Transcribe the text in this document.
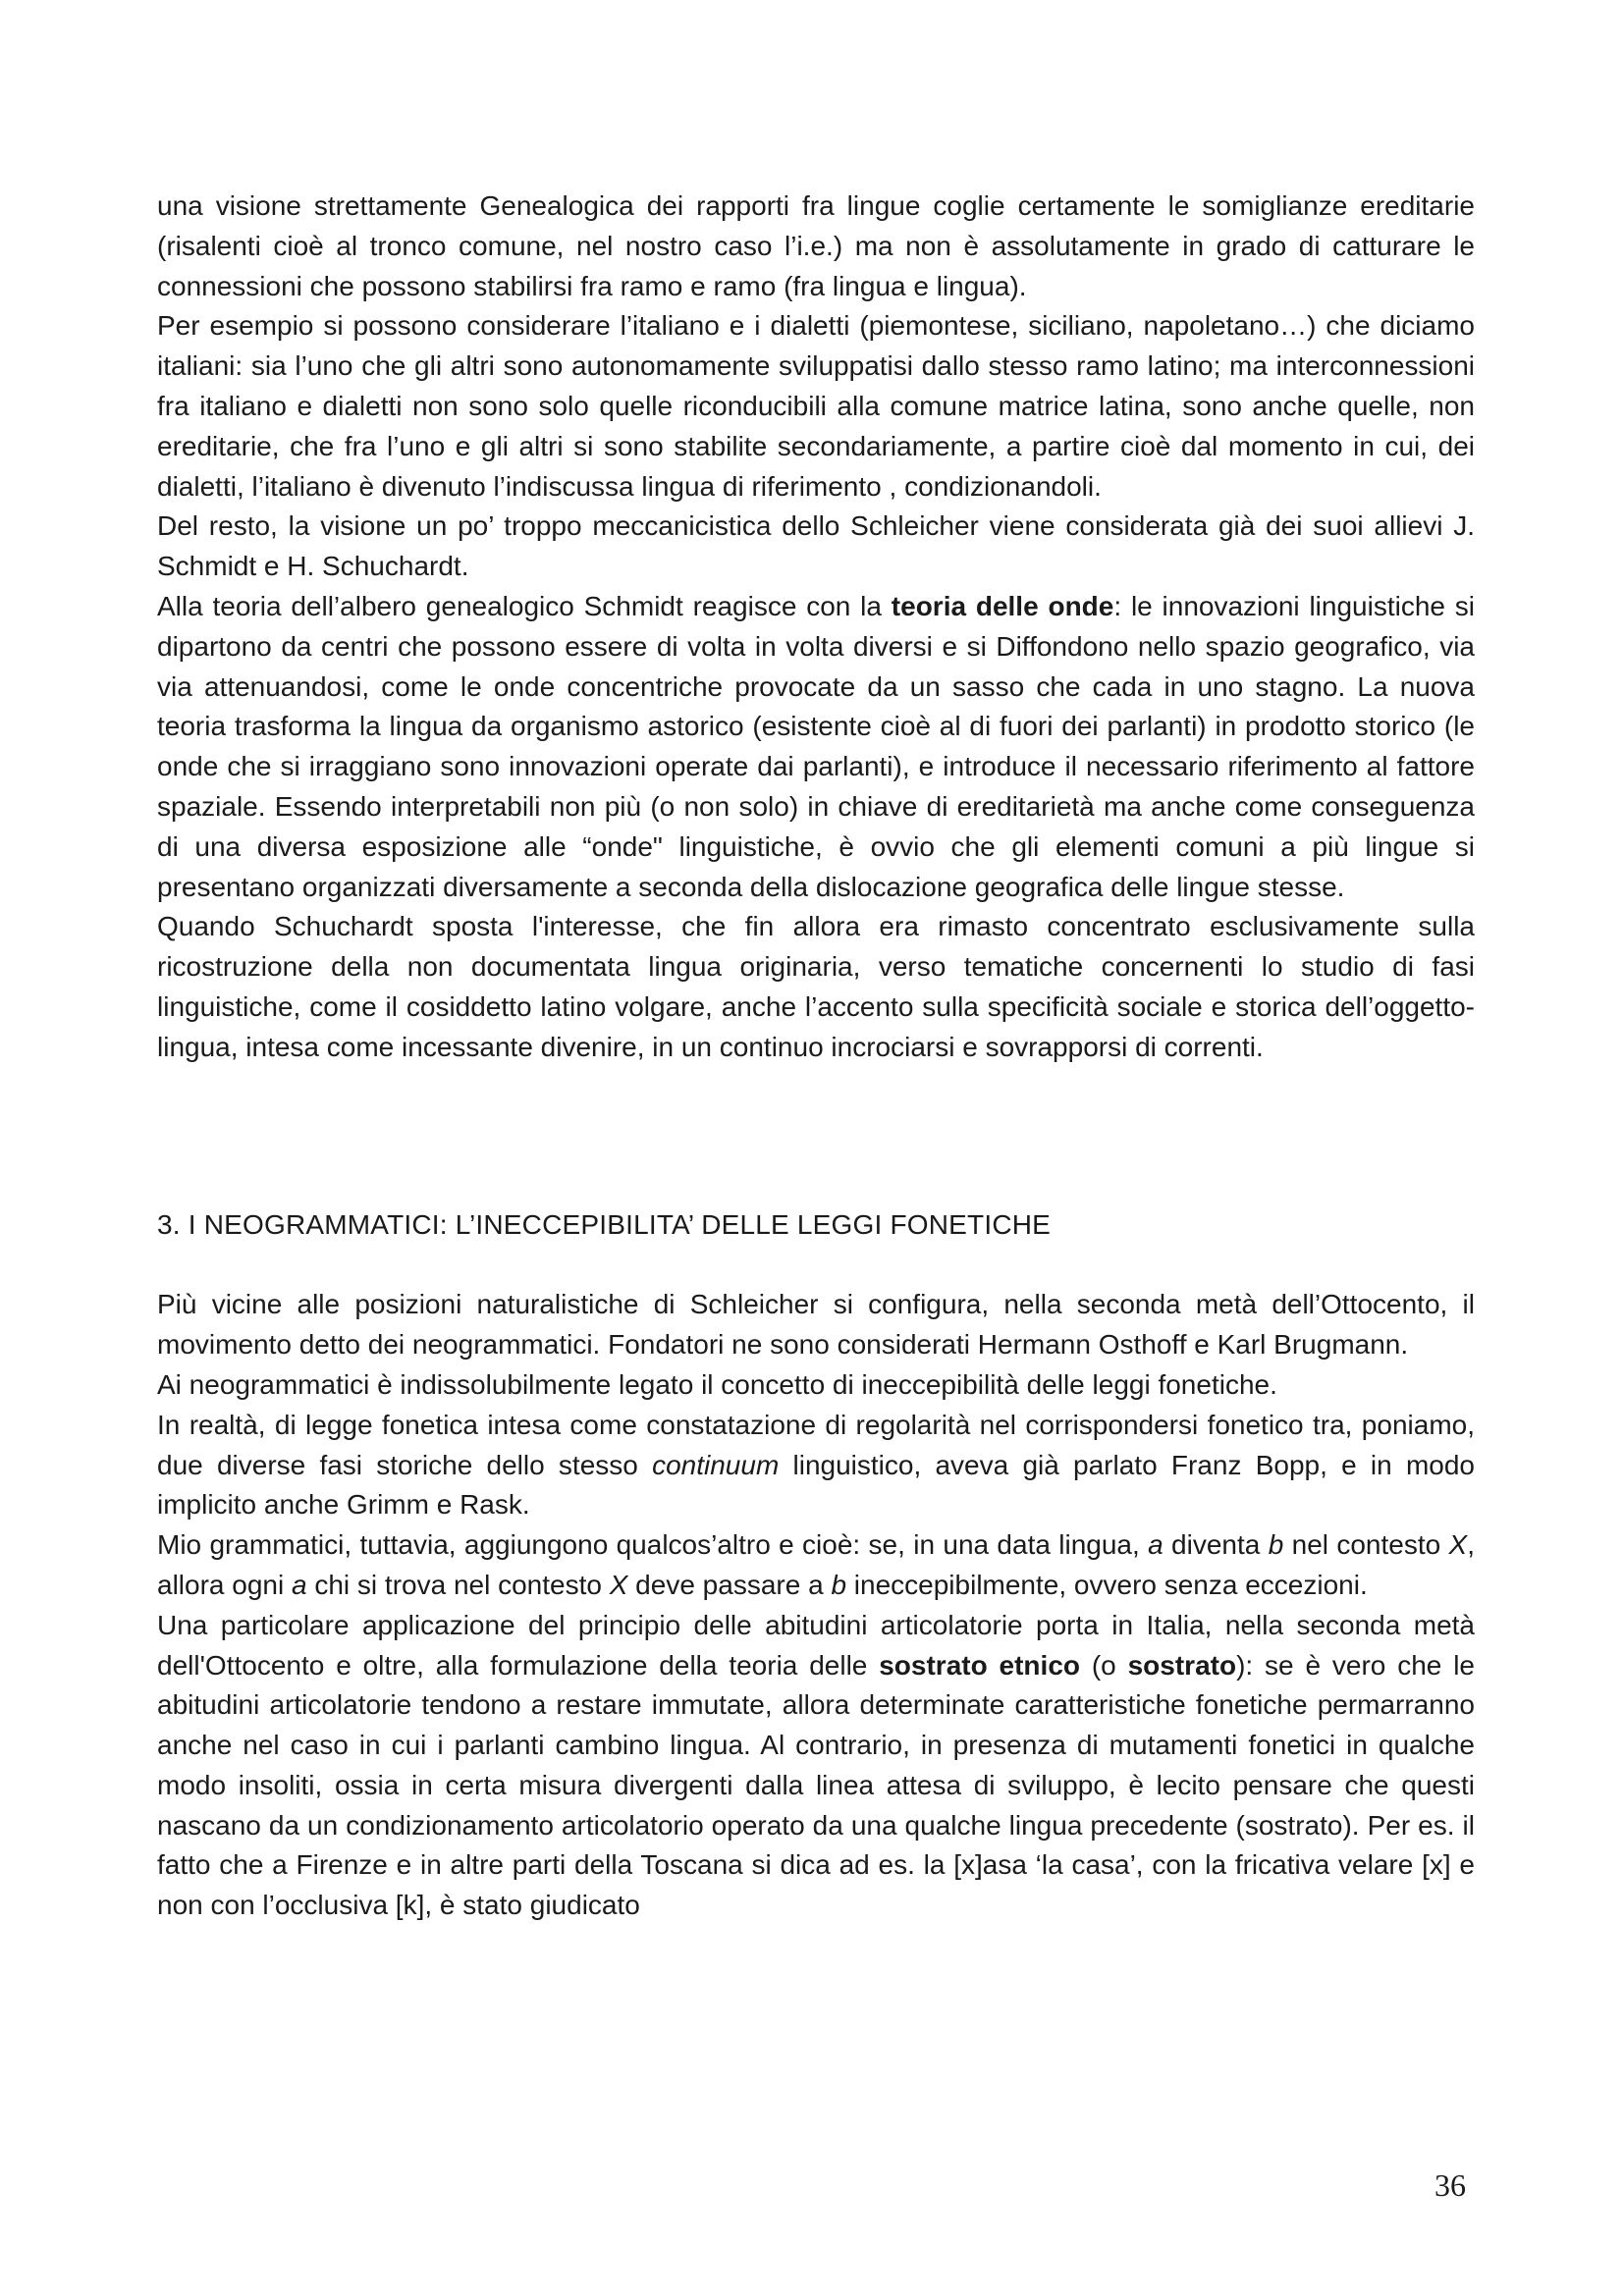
una visione strettamente Genealogica dei rapporti fra lingue coglie certamente le somiglianze ereditarie (risalenti cioè al tronco comune, nel nostro caso l’i.e.) ma non è assolutamente in grado di catturare le connessioni che possono stabilirsi fra ramo e ramo (fra lingua e lingua).

Per esempio si possono considerare l’italiano e i dialetti (piemontese, siciliano, napoletano…) che diciamo italiani: sia l’uno che gli altri sono autonomamente sviluppatisi dallo stesso ramo latino; ma interconnessioni fra italiano e dialetti non sono solo quelle riconducibili alla comune matrice latina, sono anche quelle, non ereditarie, che fra l’uno e gli altri si sono stabilite secondariamente, a partire cioè dal momento in cui, dei dialetti, l’italiano è divenuto l’indiscussa lingua di riferimento , condizionandoli.

Del resto, la visione un po’ troppo meccanicistica dello Schleicher viene considerata già dei suoi allievi J. Schmidt e H. Schuchardt.

Alla teoria dell’albero genealogico Schmidt reagisce con la teoria delle onde: le innovazioni linguistiche si dipartono da centri che possono essere di volta in volta diversi e si Diffondono nello spazio geografico, via via attenuandosi, come le onde concentriche provocate da un sasso che cada in uno stagno. La nuova teoria trasforma la lingua da organismo astorico (esistente cioè al di fuori dei parlanti) in prodotto storico (le onde che si irraggiano sono innovazioni operate dai parlanti), e introduce il necessario riferimento al fattore spaziale. Essendo interpretabili non più (o non solo) in chiave di ereditarietà ma anche come conseguenza di una diversa esposizione alle “onde" linguistiche, è ovvio che gli elementi comuni a più lingue si presentano organizzati diversamente a seconda della dislocazione geografica delle lingue stesse.

Quando Schuchardt sposta l'interesse, che fin allora era rimasto concentrato esclusivamente sulla ricostruzione della non documentata lingua originaria, verso tematiche concernenti lo studio di fasi linguistiche, come il cosiddetto latino volgare, anche l’accento sulla specificità sociale e storica dell’oggetto-lingua, intesa come incessante divenire, in un continuo incrociarsi e sovrapporsi di correnti.

3. I NEOGRAMMATICI: L’INECCEPIBILITA’ DELLE LEGGI FONETICHE

Più vicine alle posizioni naturalistiche di Schleicher si configura, nella seconda metà dell’Ottocento, il movimento detto dei neogrammatici. Fondatori ne sono considerati Hermann Osthoff e Karl Brugmann.

Ai neogrammatici è indissolubilmente legato il concetto di ineccepibilità delle leggi fonetiche.

In realtà, di legge fonetica intesa come constatazione di regolarità nel corrispondersi fonetico tra, poniamo, due diverse fasi storiche dello stesso continuum linguistico, aveva già parlato Franz Bopp, e in modo implicito anche Grimm e Rask.

Mio grammatici, tuttavia, aggiungono qualcos’altro e cioè: se, in una data lingua, a diventa b nel contesto X, allora ogni a chi si trova nel contesto X deve passare a b ineccepibilmente, ovvero senza eccezioni.

Una particolare applicazione del principio delle abitudini articolatorie porta in Italia, nella seconda metà dell'Ottocento e oltre, alla formulazione della teoria delle sostrato etnico (o sostrato): se è vero che le abitudini articolatorie tendono a restare immutate, allora determinate caratteristiche fonetiche permarranno anche nel caso in cui i parlanti cambino lingua. Al contrario, in presenza di mutamenti fonetici in qualche modo insoliti, ossia in certa misura divergenti dalla linea attesa di sviluppo, è lecito pensare che questi nascano da un condizionamento articolatorio operato da una qualche lingua precedente (sostrato). Per es. il fatto che a Firenze e in altre parti della Toscana si dica ad es. la [x]asa ‘la casa’, con la fricativa velare [x] e non con l’occlusiva [k], è stato giudicato

36
